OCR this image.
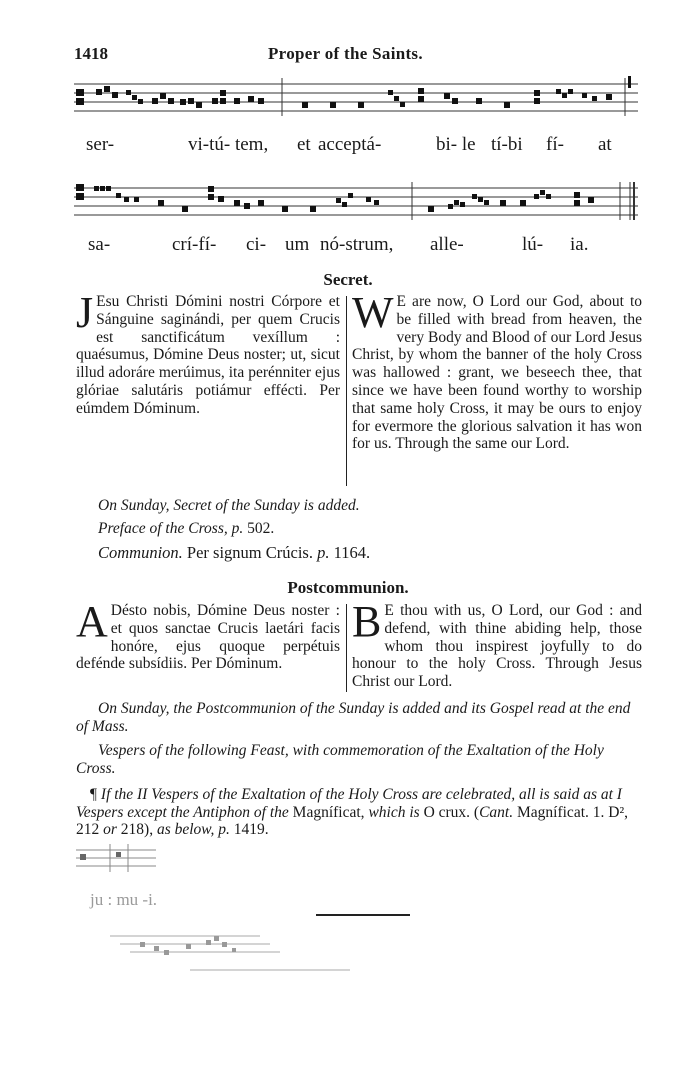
1418	Proper of the Saints.
ser-	vi-tú- tem, et acceptá-	bi- le tí-bi fí- at
sa-	crí-fí- ci- um nó-strum, alle-	lú- ia.
Secret.
J Esu Christi Dómini nostri Córpore et Sánguine saginándi, per quem Crucis est sanctificátum vexíllum : quaésumus, Dómine Deus noster; ut, sicut illud adoráre merúimus, ita perénniter ejus glóriae salutáris potiámur effécti. Per eúmdem Dóminum.

W E are now, O Lord our God, about to be filled with bread from heaven, the very Body and Blood of our Lord Jesus Christ, by whom the banner of the holy Cross was hallowed : grant, we beseech thee, that since we have been found worthy to worship that same holy Cross, it may be ours to enjoy for evermore the glorious salvation it has won for us. Through the same our Lord.

On Sunday, Secret of the Sunday is added.
Preface of the Cross, p. 502.
Communion. Per signum Crúcis. p. 1164.
Postcommunion.
A Désto nobis, Dómine Deus noster : et quos sanctae Crucis laetári facis honóre, ejus quoque perpétuis defénde subsídiis. Per Dóminum.

B E thou with us, O Lord, our God : and defend, with thine abiding help, those whom thou inspirest joyfully to do honour to the holy Cross. Through Jesus Christ our Lord.

On Sunday, the Postcommunion of the Sunday is added and its Gospel read at the end of Mass.
Vespers of the following Feast, with commemoration of the Exaltation of the Holy Cross.
¶ If the II Vespers of the Exaltation of the Holy Cross are celebrated, all is said as at I Vespers except the Antiphon of the Magníficat, which is O crux. (Cant. Magníficat. 1. D², 212 or 218), as below, p. 1419.
ju : mu -i.
